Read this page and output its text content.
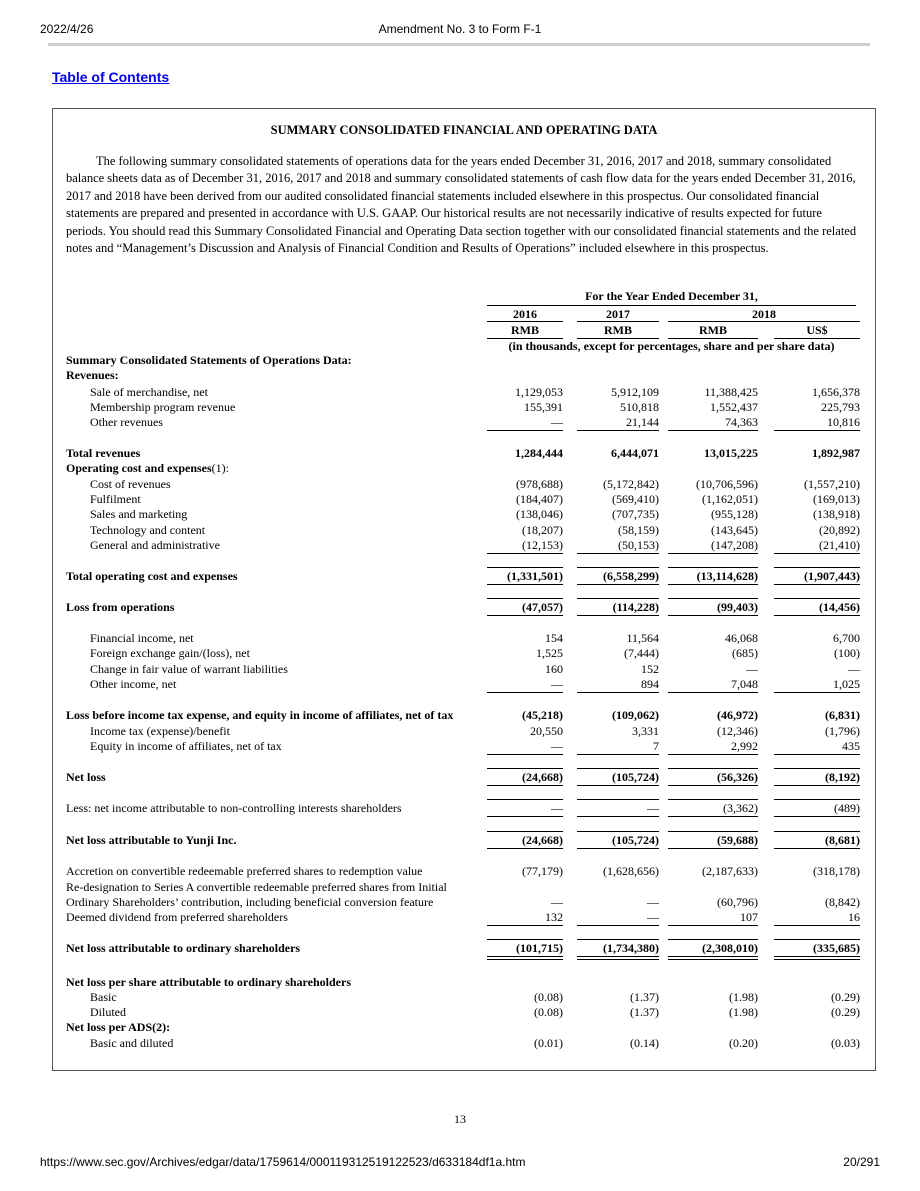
2022/4/26	Amendment No. 3 to Form F-1
Table of Contents
SUMMARY CONSOLIDATED FINANCIAL AND OPERATING DATA

The following summary consolidated statements of operations data for the years ended December 31, 2016, 2017 and 2018, summary consolidated balance sheets data as of December 31, 2016, 2017 and 2018 and summary consolidated statements of cash flow data for the years ended December 31, 2016, 2017 and 2018 have been derived from our audited consolidated financial statements included elsewhere in this prospectus. Our consolidated financial statements are prepared and presented in accordance with U.S. GAAP. Our historical results are not necessarily indicative of results expected for future periods. You should read this Summary Consolidated Financial and Operating Data section together with our consolidated financial statements and the related notes and “Management’s Discussion and Analysis of Financial Condition and Results of Operations” included elsewhere in this prospectus.

For the Year Ended December 31,
2016	2017	2018
RMB	RMB	RMB	US$
(in thousands, except for percentages, share and per share data)
Summary Consolidated Statements of Operations Data:
Revenues:
Sale of merchandise, net	1,129,053	5,912,109	11,388,425	1,656,378
Membership program revenue	155,391	510,818	1,552,437	225,793
Other revenues	—	21,144	74,363	10,816
Total revenues	1,284,444	6,444,071	13,015,225	1,892,987
Operating cost and expenses(1):
Cost of revenues	(978,688)	(5,172,842)	(10,706,596)	(1,557,210)
Fulfilment	(184,407)	(569,410)	(1,162,051)	(169,013)
Sales and marketing	(138,046)	(707,735)	(955,128)	(138,918)
Technology and content	(18,207)	(58,159)	(143,645)	(20,892)
General and administrative	(12,153)	(50,153)	(147,208)	(21,410)
Total operating cost and expenses	(1,331,501)	(6,558,299)	(13,114,628)	(1,907,443)
Loss from operations	(47,057)	(114,228)	(99,403)	(14,456)
Financial income, net	154	11,564	46,068	6,700
Foreign exchange gain/(loss), net	1,525	(7,444)	(685)	(100)
Change in fair value of warrant liabilities	160	152	—	—
Other income, net	—	894	7,048	1,025
Loss before income tax expense, and equity in income of affiliates, net of tax	(45,218)	(109,062)	(46,972)	(6,831)
Income tax (expense)/benefit	20,550	3,331	(12,346)	(1,796)
Equity in income of affiliates, net of tax	—	7	2,992	435
Net loss	(24,668)	(105,724)	(56,326)	(8,192)
Less: net income attributable to non-controlling interests shareholders	—	—	(3,362)	(489)
Net loss attributable to Yunji Inc.	(24,668)	(105,724)	(59,688)	(8,681)
Accretion on convertible redeemable preferred shares to redemption value	(77,179)	(1,628,656)	(2,187,633)	(318,178)
Re-designation to Series A convertible redeemable preferred shares from Initial
Ordinary Shareholders’ contribution, including beneficial conversion feature	—	—	(60,796)	(8,842)
Deemed dividend from preferred shareholders	132	—	107	16
Net loss attributable to ordinary shareholders	(101,715)	(1,734,380)	(2,308,010)	(335,685)
Net loss per share attributable to ordinary shareholders
Basic	(0.08)	(1.37)	(1.98)	(0.29)
Diluted	(0.08)	(1.37)	(1.98)	(0.29)
Net loss per ADS(2):
Basic and diluted	(0.01)	(0.14)	(0.20)	(0.03)
13
https://www.sec.gov/Archives/edgar/data/1759614/000119312519122523/d633184df1a.htm	20/291
